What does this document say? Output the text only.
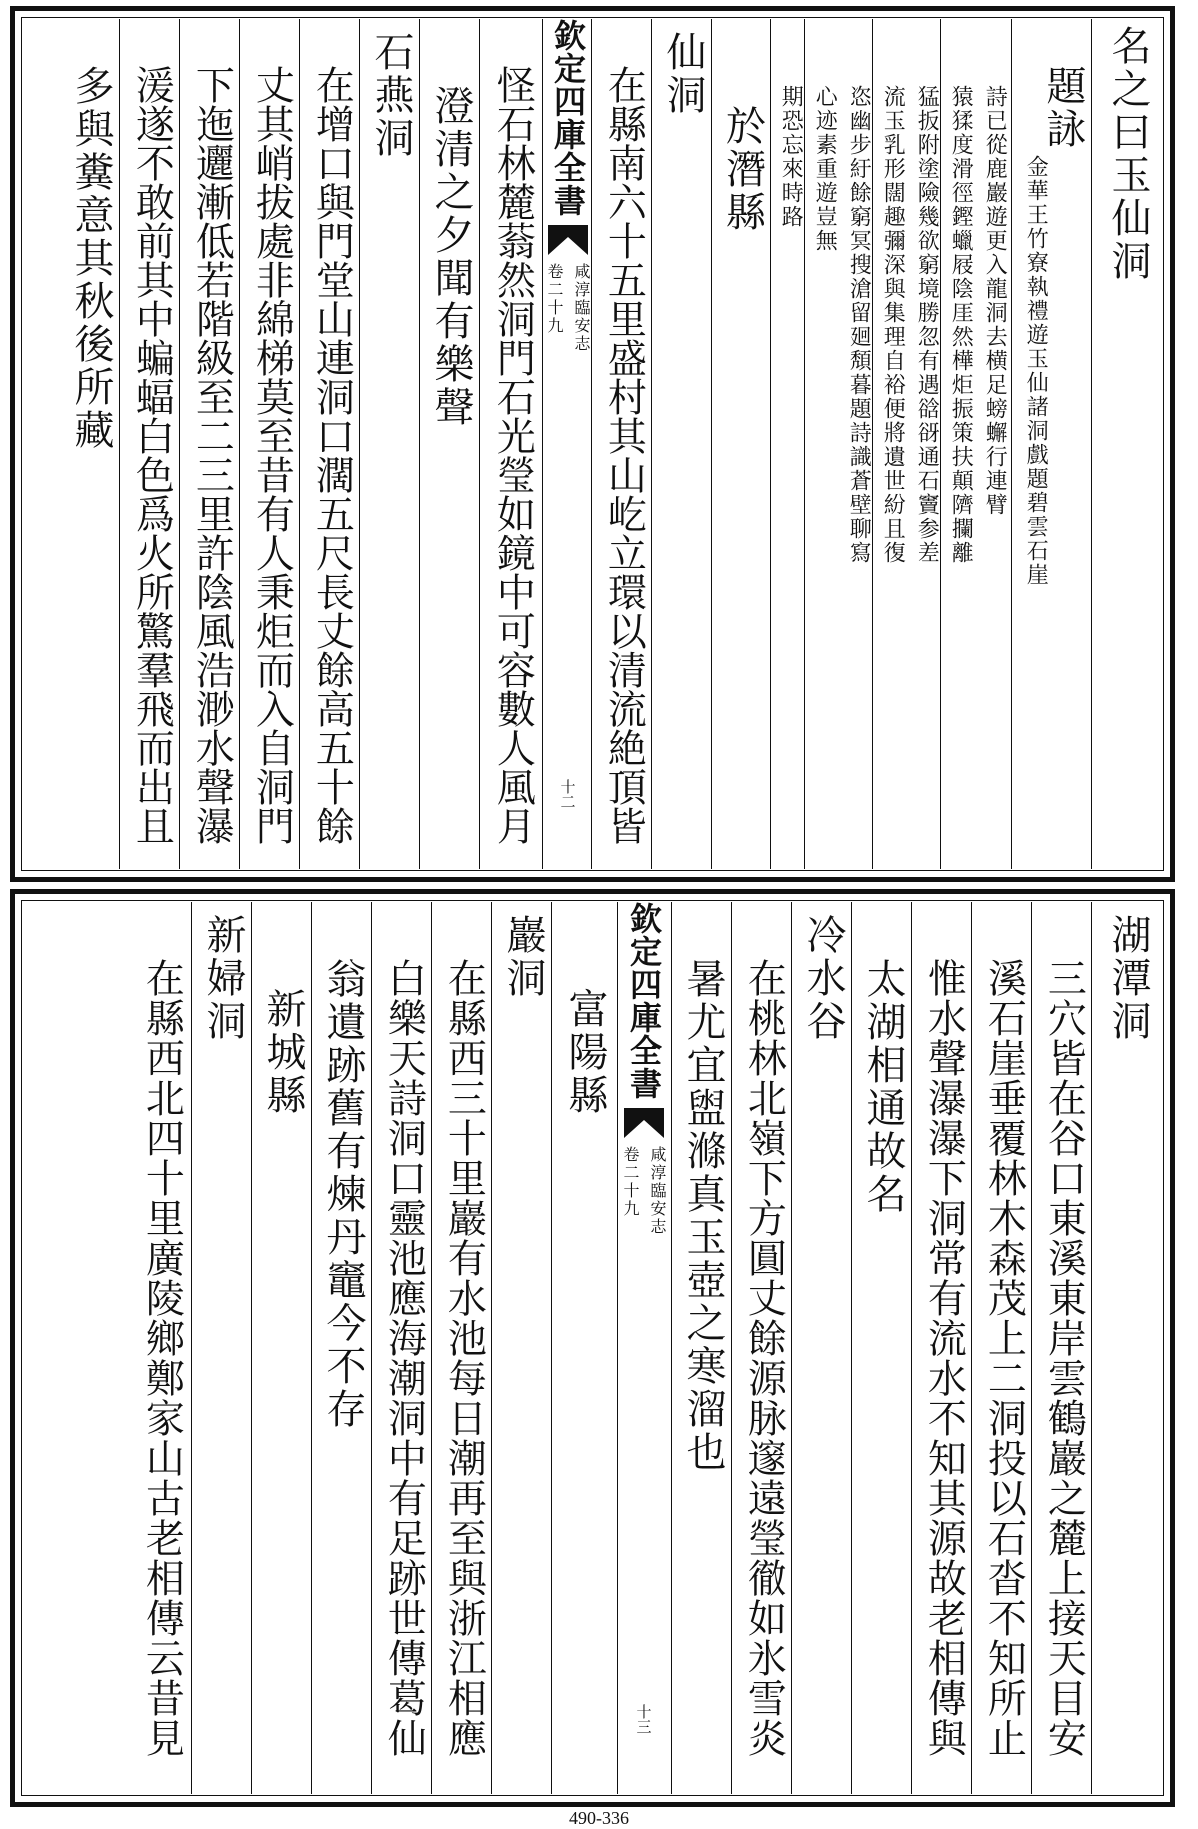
名之曰玉仙洞
題詠
金華王竹寮執禮遊玉仙諸洞戲題碧雲石崖
詩已從鹿巖遊更入龍洞去横足螃蠏行連臂
猿猱度滑徑鏗蠟屐陰厓然樺炬振策扶顛隮攔離
猛扳附塗險幾欲窮境勝忽有遇谽谺通石竇参差
流玉乳形闊趣彌深與集理自裕便將遺世紛且復
恣幽步紆餘窮冥搜滄留廻頽暮題詩識蒼壁聊寫
心迹素重遊豈無
期恐忘來時路
於潛縣
仙洞
在縣南六十五里盛村其山屹立環以清流絶頂皆
欽定四庫全書
咸淳臨安志
卷二十九
十二
怪石林麓蓊然洞門石光瑩如鏡中可容數人風月
澄清之夕聞有樂聲
石燕洞
在增口與門堂山連洞口濶五尺長丈餘高五十餘
丈其峭拔處非綿梯莫至昔有人秉炬而入自洞門
下迤邐漸低若階級至二三里許陰風浩渺水聲瀑
湲遂不敢前其中蝙蝠白色爲火所驚羣飛而出且
多與糞意其秋後所藏
湖潭洞
三穴皆在谷口東溪東岸雲鶴巖之麓上接天目安
溪石崖垂覆林木森茂上二洞投以石沓不知所止
惟水聲瀑瀑下洞常有流水不知其源故老相傳與
太湖相通故名
冷水谷
在桃林北嶺下方圓丈餘源脉邃遠瑩徹如氷雪炎
暑尤宜盥滌真玉壺之寒溜也
欽定四庫全書
咸淳臨安志
卷二十九
十三
富陽縣
巖洞
在縣西三十里巖有水池每日潮再至與浙江相應
白樂天詩洞口靈池應海潮洞中有足跡世傳葛仙
翁遺跡舊有煉丹竈今不存
新城縣
新婦洞
在縣西北四十里廣陵鄉鄭家山古老相傳云昔見
490-336
